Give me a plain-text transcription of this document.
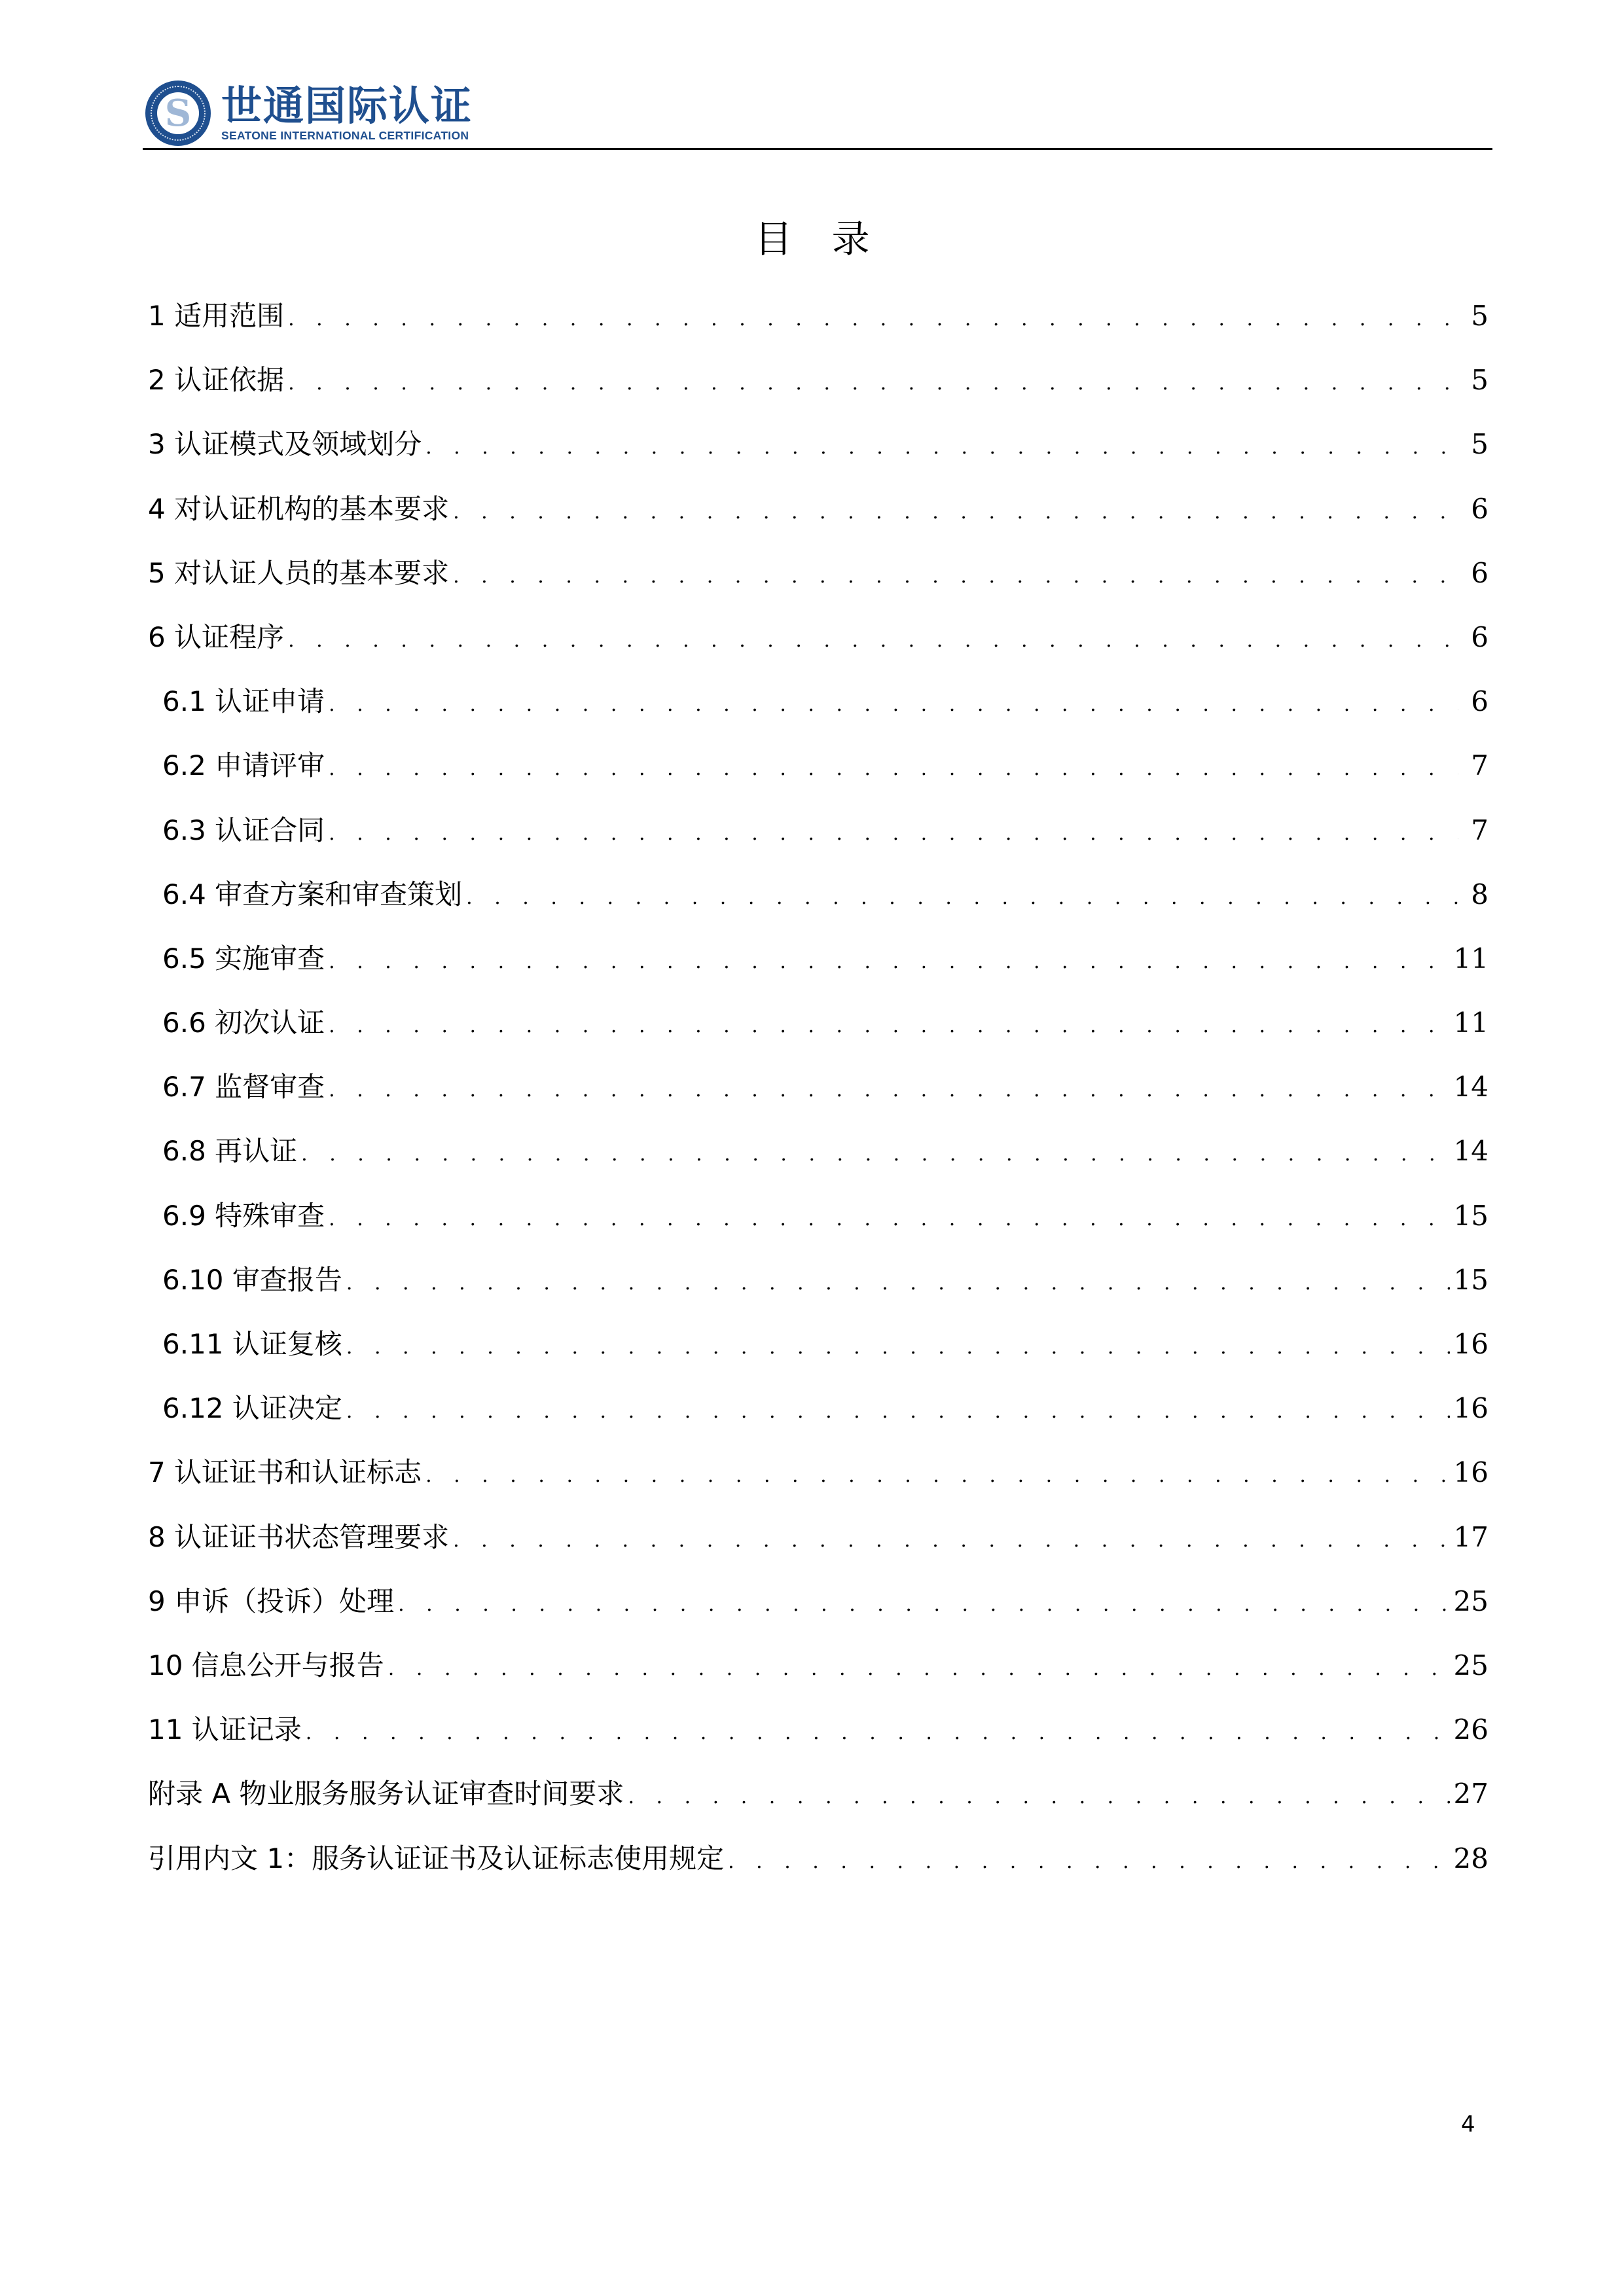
S 世通国际认证
SEATONE INTERNATIONAL CERTIFICATION
目录
1 适用范围 . . .	5
2 认证依据 . . .	5
3 认证模式及领域划分 . . .	5
4 对认证机构的基本要求 . . .	6
5 对认证人员的基本要求 . . .	6
6 认证程序 . . .	6
6.1 认证申请 . . .	6
6.2 申请评审 . . .	7
6.3 认证合同 . . .	7
6.4 审查方案和审查策划 . . .	8
6.5 实施审查 . . .	11
6.6 初次认证 . . .	11
6.7 监督审查 . . .	14
6.8 再认证 . . .	14
6.9 特殊审查 . . .	15
6.10 审查报告 . . .	15
6.11 认证复核 . . .	16
6.12 认证决定 . . .	16
7 认证证书和认证标志 . . .	16
8 认证证书状态管理要求 . . .	17
9 申诉（投诉）处理 . . .	25
10 信息公开与报告 . . .	25
11 认证记录 . . .	26
附录 A 物业服务服务认证审查时间要求 . . .	27
引用内文 1：服务认证证书及认证标志使用规定 . . .	28
4
